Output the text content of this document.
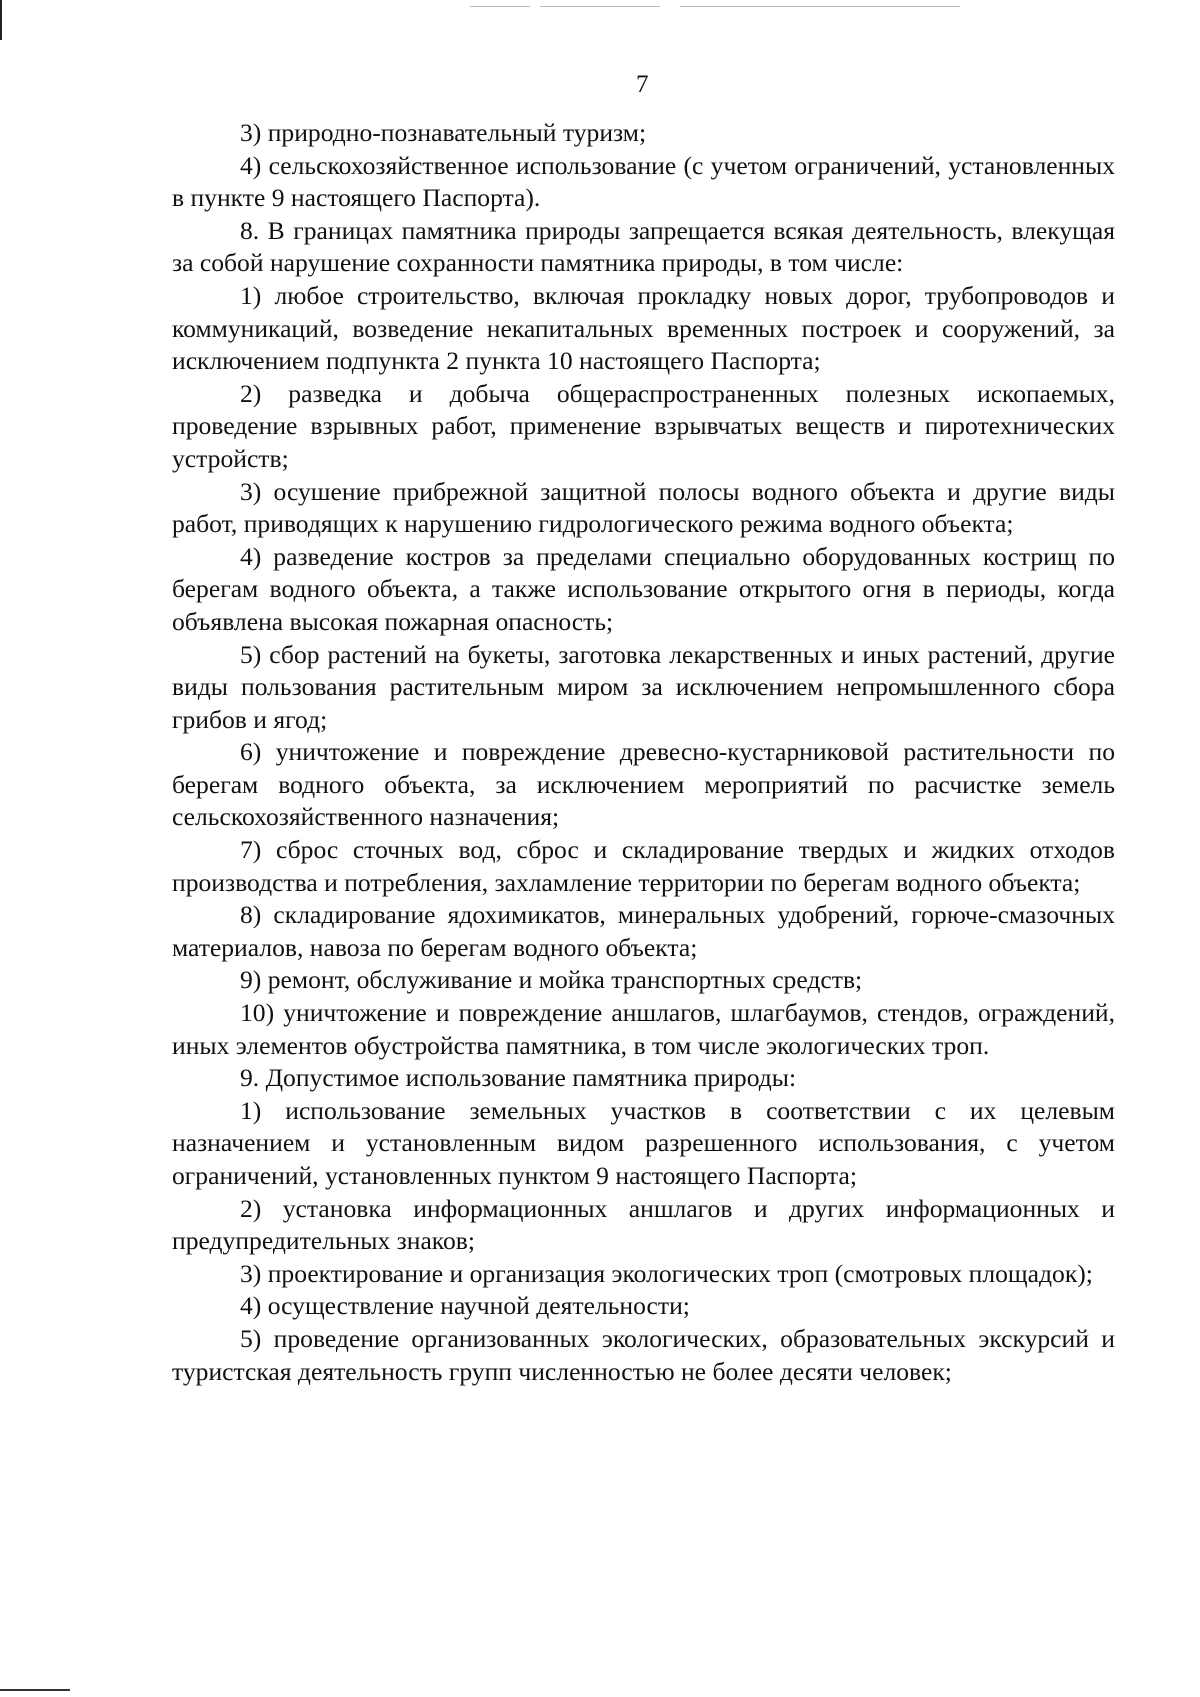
7

3) природно-познавательный туризм;

4) сельскохозяйственное использование (с учетом ограничений, установленных в пункте 9 настоящего Паспорта).

8. В границах памятника природы запрещается всякая деятельность, влекущая за собой нарушение сохранности памятника природы, в том числе:

1) любое строительство, включая прокладку новых дорог, трубопроводов и коммуникаций, возведение некапитальных временных построек и сооружений, за исключением подпункта 2 пункта 10 настоящего Паспорта;

2) разведка и добыча общераспространенных полезных ископаемых, проведение взрывных работ, применение взрывчатых веществ и пиротехнических устройств;

3) осушение прибрежной защитной полосы водного объекта и другие виды работ, приводящих к нарушению гидрологического режима водного объекта;

4) разведение костров за пределами специально оборудованных кострищ по берегам водного объекта, а также использование открытого огня в периоды, когда объявлена высокая пожарная опасность;

5) сбор растений на букеты, заготовка лекарственных и иных растений, другие виды пользования растительным миром за исключением непромышленного сбора грибов и ягод;

6) уничтожение и повреждение древесно-кустарниковой растительности по берегам водного объекта, за исключением мероприятий по расчистке земель сельскохозяйственного назначения;

7) сброс сточных вод, сброс и складирование твердых и жидких отходов производства и потребления, захламление территории по берегам водного объекта;

8) складирование ядохимикатов, минеральных удобрений, горюче-смазочных материалов, навоза по берегам водного объекта;

9) ремонт, обслуживание и мойка транспортных средств;

10) уничтожение и повреждение аншлагов, шлагбаумов, стендов, ограждений, иных элементов обустройства памятника, в том числе экологических троп.

9. Допустимое использование памятника природы:

1) использование земельных участков в соответствии с их целевым назначением и установленным видом разрешенного использования, с учетом ограничений, установленных пунктом 9 настоящего Паспорта;

2) установка информационных аншлагов и других информационных и предупредительных знаков;

3) проектирование и организация экологических троп (смотровых площадок);

4) осуществление научной деятельности;

5) проведение организованных экологических, образовательных экскурсий и туристская деятельность групп численностью не более десяти человек;
